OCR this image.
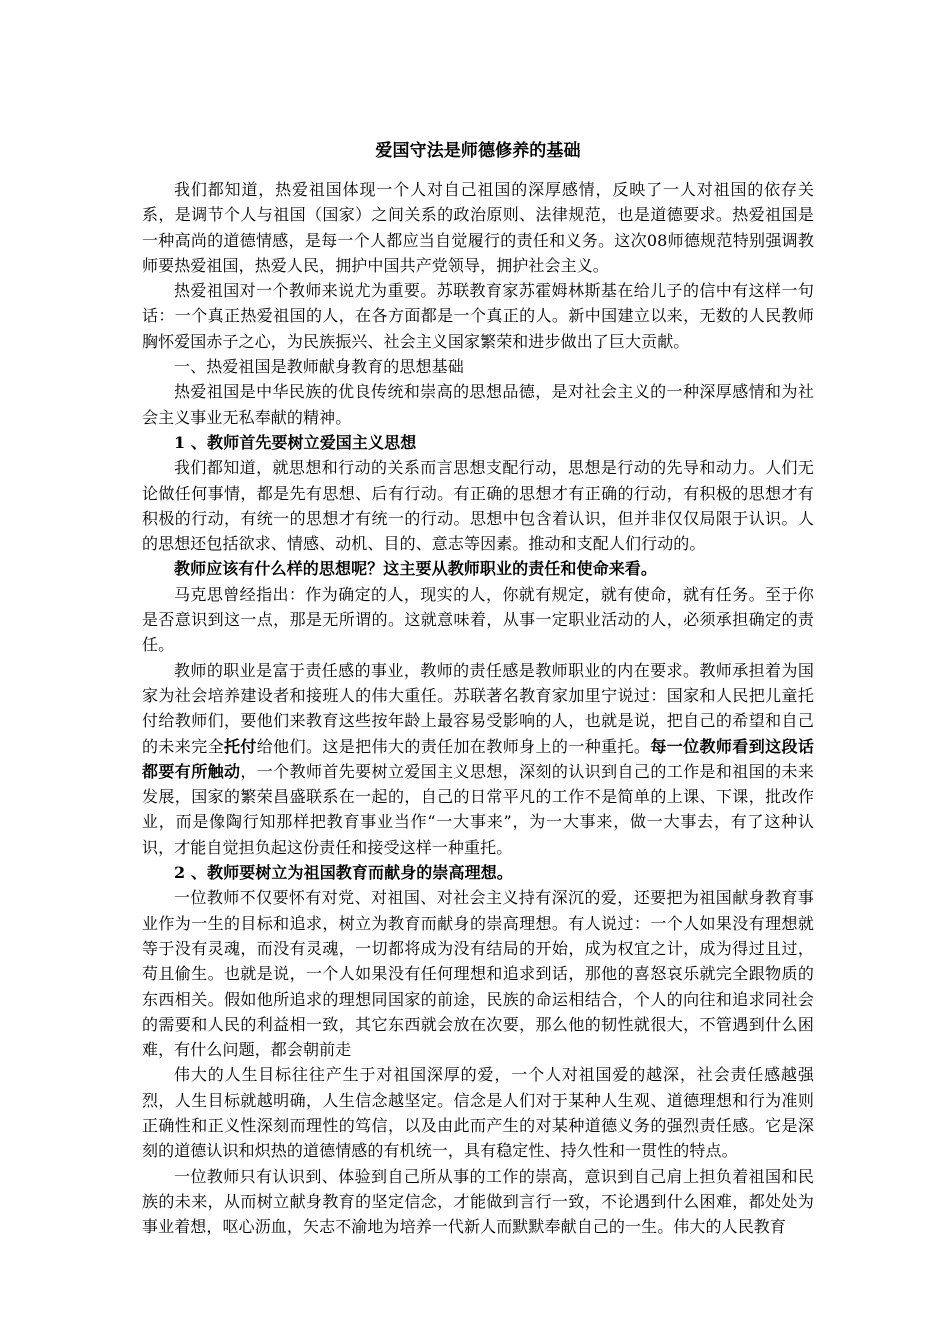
爱国守法是师德修养的基础

我们都知道，热爱祖国体现一个人对自己祖国的深厚感情，反映了一人对祖国的依存关系，是调节个人与祖国（国家）之间关系的政治原则、法律规范，也是道德要求。热爱祖国是一种高尚的道德情感，是每一个人都应当自觉履行的责任和义务。这次08师德规范特别强调教师要热爱祖国，热爱人民，拥护中国共产党领导，拥护社会主义。

热爱祖国对一个教师来说尤为重要。苏联教育家苏霍姆林斯基在给儿子的信中有这样一句话：一个真正热爱祖国的人，在各方面都是一个真正的人。新中国建立以来，无数的人民教师胸怀爱国赤子之心，为民族振兴、社会主义国家繁荣和进步做出了巨大贡献。

一、热爱祖国是教师献身教育的思想基础

热爱祖国是中华民族的优良传统和崇高的思想品德，是对社会主义的一种深厚感情和为社会主义事业无私奉献的精神。

1 、教师首先要树立爱国主义思想

我们都知道，就思想和行动的关系而言思想支配行动，思想是行动的先导和动力。人们无论做任何事情，都是先有思想、后有行动。有正确的思想才有正确的行动，有积极的思想才有积极的行动，有统一的思想才有统一的行动。思想中包含着认识，但并非仅仅局限于认识。人的思想还包括欲求、情感、动机、目的、意志等因素。推动和支配人们行动的。

教师应该有什么样的思想呢？这主要从教师职业的责任和使命来看。

马克思曾经指出：作为确定的人，现实的人，你就有规定，就有使命，就有任务。至于你是否意识到这一点，那是无所谓的。这就意味着，从事一定职业活动的人，必须承担确定的责任。

教师的职业是富于责任感的事业，教师的责任感是教师职业的内在要求。教师承担着为国家为社会培养建设者和接班人的伟大重任。苏联著名教育家加里宁说过：国家和人民把儿童托付给教师们，要他们来教育这些按年龄上最容易受影响的人，也就是说，把自己的希望和自己的未来完全托付给他们。这是把伟大的责任加在教师身上的一种重托。每一位教师看到这段话都要有所触动，一个教师首先要树立爱国主义思想，深刻的认识到自己的工作是和祖国的未来发展，国家的繁荣昌盛联系在一起的，自己的日常平凡的工作不是简单的上课、下课，批改作业，而是像陶行知那样把教育事业当作“一大事来”，为一大事来，做一大事去，有了这种认识，才能自觉担负起这份责任和接受这样一种重托。

2 、教师要树立为祖国教育而献身的崇高理想。

一位教师不仅要怀有对党、对祖国、对社会主义持有深沉的爱，还要把为祖国献身教育事业作为一生的目标和追求，树立为教育而献身的崇高理想。有人说过：一个人如果没有理想就等于没有灵魂，而没有灵魂，一切都将成为没有结局的开始，成为权宜之计，成为得过且过，苟且偷生。也就是说，一个人如果没有任何理想和追求到话，那他的喜怒哀乐就完全跟物质的东西相关。假如他所追求的理想同国家的前途，民族的命运相结合，个人的向往和追求同社会的需要和人民的利益相一致，其它东西就会放在次要，那么他的韧性就很大，不管遇到什么困难，有什么问题，都会朝前走

伟大的人生目标往往产生于对祖国深厚的爱，一个人对祖国爱的越深，社会责任感越强烈，人生目标就越明确，人生信念越坚定。信念是人们对于某种人生观、道德理想和行为准则正确性和正义性深刻而理性的笃信，以及由此而产生的对某种道德义务的强烈责任感。它是深刻的道德认识和炽热的道德情感的有机统一，具有稳定性、持久性和一贯性的特点。

一位教师只有认识到、体验到自己所从事的工作的崇高，意识到自己肩上担负着祖国和民族的未来，从而树立献身教育的坚定信念，才能做到言行一致，不论遇到什么困难，都处处为事业着想，呕心沥血，矢志不渝地为培养一代新人而默默奉献自己的一生。伟大的人民教育
